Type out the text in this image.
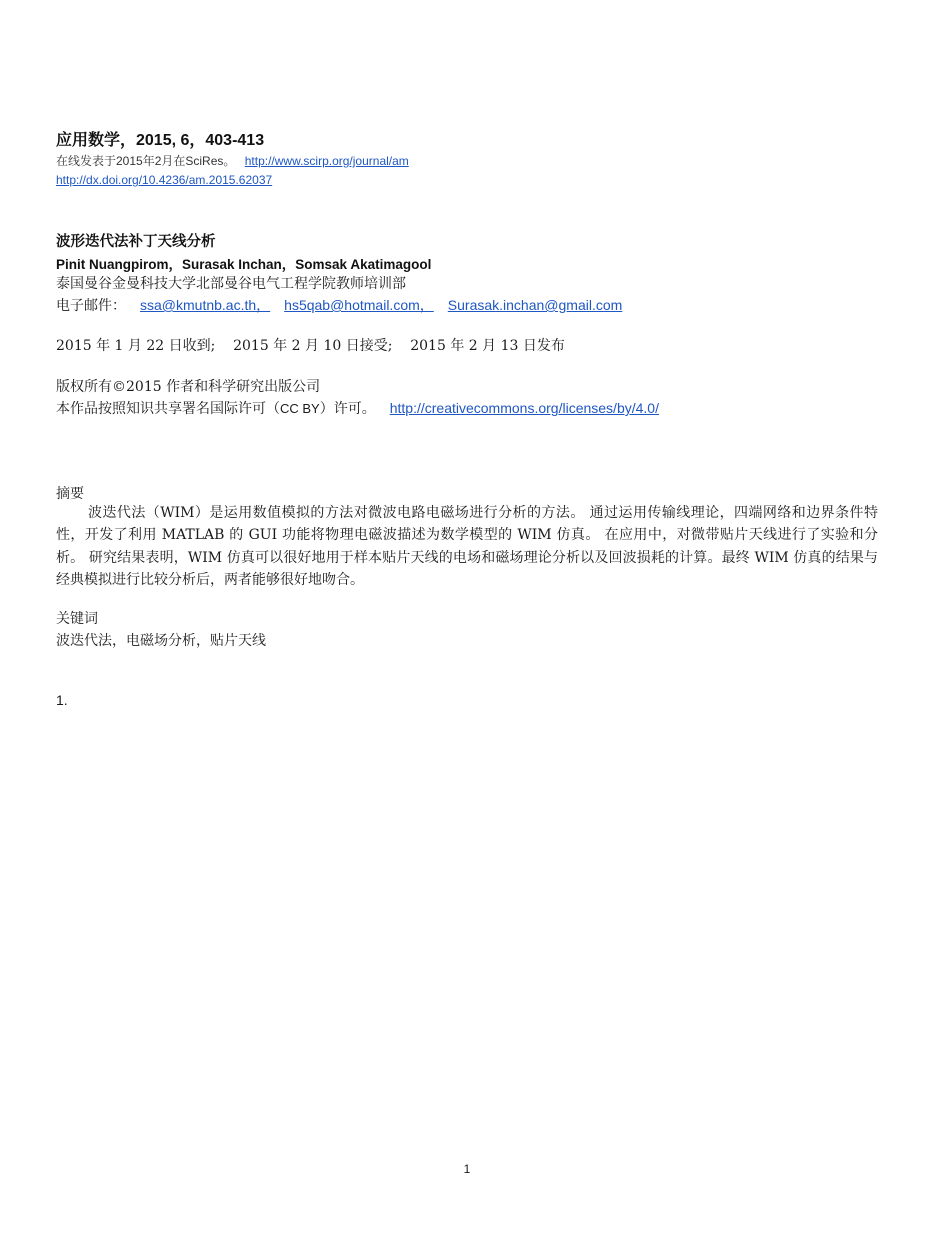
应用数学，2015, 6，403-413
在线发表于2015年2月在SciRes。 http://www.scirp.org/journal/am
http://dx.doi.org/10.4236/am.2015.62037
波形迭代法补丁天线分析
Pinit Nuangpirom，Surasak Inchan，Somsak Akatimagool
泰国曼谷金曼科技大学北部曼谷电气工程学院教师培训部
电子邮件： ssa@kmutnb.ac.th， hs5qab@hotmail.com， Surasak.inchan@gmail.com
2015 年 1 月 22 日收到;    2015 年 2 月 10 日接受;    2015 年 2 月 13 日发布
版权所有©2015 作者和科学研究出版公司
本作品按照知识共享署名国际许可（CC BY）许可。 http://creativecommons.org/licenses/by/4.0/
摘要
波迭代法（WIM）是运用数值模拟的方法对微波电路电磁场进行分析的方法。 通过运用传输线理论，四端网络和边界条件特性，开发了利用 MATLAB 的 GUI 功能将物理电磁波描述为数学模型的 WIM 仿真。 在应用中，对微带贴片天线进行了实验和分析。 研究结果表明，WIM 仿真可以很好地用于样本贴片天线的电场和磁场理论分析以及回波损耗的计算。最终 WIM 仿真的结果与经典模拟进行比较分析后，两者能够很好地吻合。
关键词
波迭代法，电磁场分析，贴片天线
1.
1
